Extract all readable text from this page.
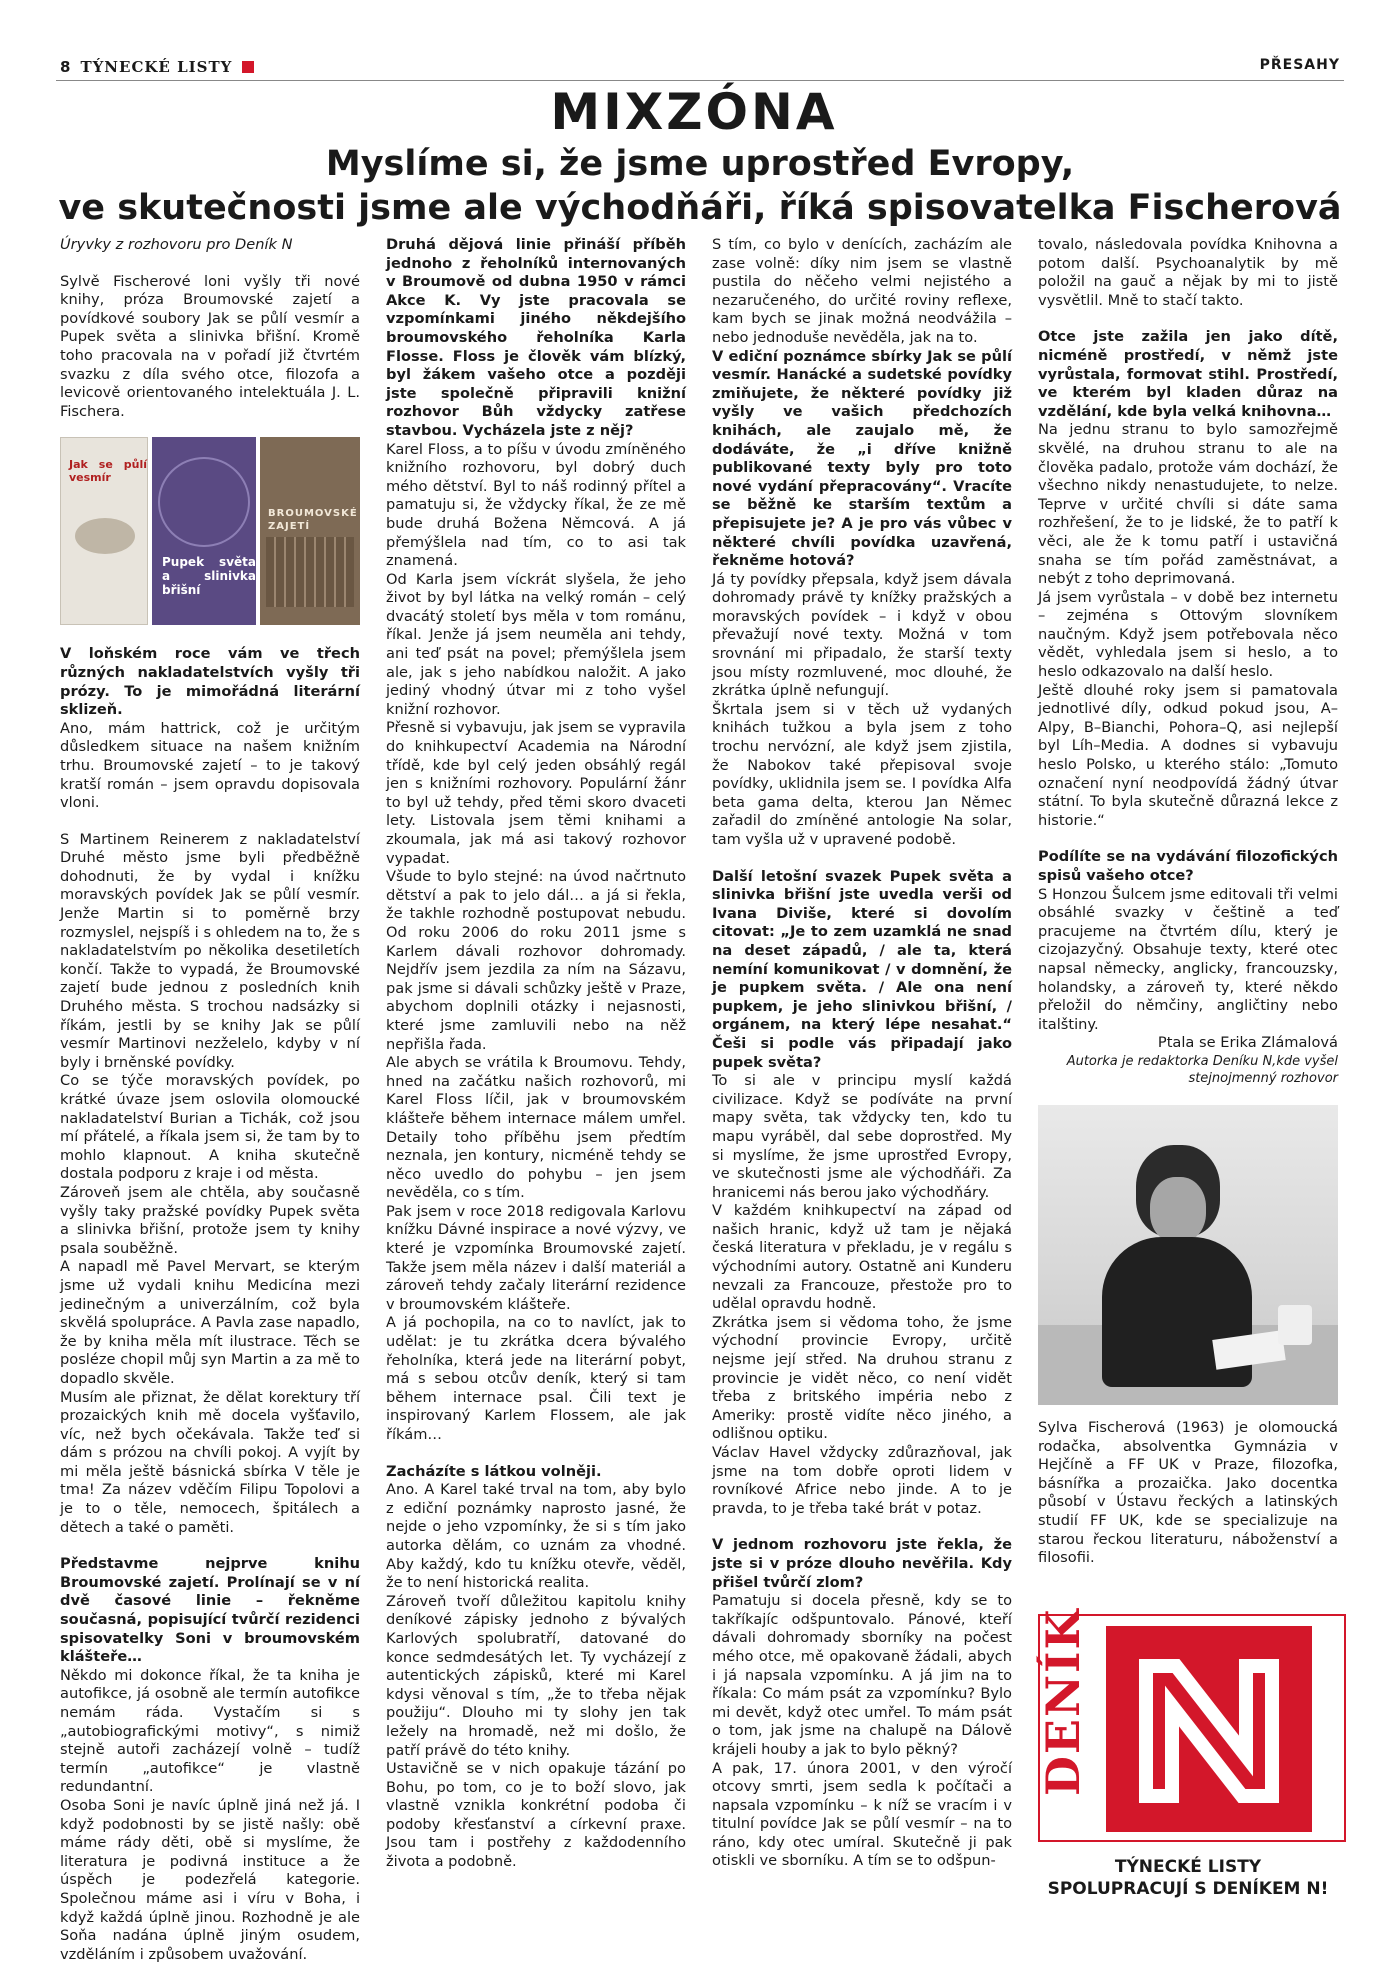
8 TÝNECKÉ LISTY	PŘESAHY
MIXZÓNA
Myslíme si, že jsme uprostřed Evropy,
ve skutečnosti jsme ale východňáři, říká spisovatelka Fischerová

Úryvky z rozhovoru pro Deník N

Sylvě Fischerové loni vyšly tři nové knihy, próza Broumovské zajetí a povídkové soubory Jak se půlí vesmír a Pupek světa a slinivka břišní. Kromě toho pracovala na v pořadí již čtvrtém svazku z díla svého otce, filozofa a levicově orientovaného intelektuála J. L. Fischera.

Jak se půlí vesmír
Pupek světa a slinivka břišní
BROUMOVSKÉ ZAJETÍ

V loňském roce vám ve třech různých nakladatelstvích vyšly tři prózy. To je mimořádná literární sklizeň.

Ano, mám hattrick, což je určitým důsledkem situace na našem knižním trhu. Broumovské zajetí – to je takový kratší román – jsem opravdu dopisovala vloni.

S Martinem Reinerem z nakladatelství Druhé město jsme byli předběžně dohodnuti, že by vydal i knížku moravských povídek Jak se půlí vesmír. Jenže Martin si to poměrně brzy rozmyslel, nejspíš i s ohledem na to, že s nakladatelstvím po několika desetiletích končí. Takže to vypadá, že Broumovské zajetí bude jednou z posledních knih Druhého města. S trochou nadsázky si říkám, jestli by se knihy Jak se půlí vesmír Martinovi nezželelo, kdyby v ní byly i brněnské povídky.

Co se týče moravských povídek, po krátké úvaze jsem oslovila olomoucké nakladatelství Burian a Tichák, což jsou mí přátelé, a říkala jsem si, že tam by to mohlo klapnout. A kniha skutečně dostala podporu z kraje i od města.

Zároveň jsem ale chtěla, aby současně vyšly taky pražské povídky Pupek světa a slinivka břišní, protože jsem ty knihy psala souběžně.

A napadl mě Pavel Mervart, se kterým jsme už vydali knihu Medicína mezi jedinečným a univerzálním, což byla skvělá spolupráce. A Pavla zase napadlo, že by kniha měla mít ilustrace. Těch se posléze chopil můj syn Martin a za mě to dopadlo skvěle.

Musím ale přiznat, že dělat korektury tří prozaických knih mě docela vyšťavilo, víc, než bych očekávala. Takže teď si dám s prózou na chvíli pokoj. A vyjít by mi měla ještě básnická sbírka V těle je tma! Za název vděčím Filipu Topolovi a je to o těle, nemocech, špitálech a dětech a také o paměti.

Představme nejprve knihu Broumovské zajetí. Prolínají se v ní dvě časové linie – řekněme současná, popisující tvůrčí rezidenci spisovatelky Soni v broumovském klášteře…

Někdo mi dokonce říkal, že ta kniha je autofikce, já osobně ale termín autofikce nemám ráda. Vystačím si s „autobiografickými motivy“, s nimiž stejně autoři zacházejí volně – tudíž termín „autofikce“ je vlastně redundantní.

Osoba Soni je navíc úplně jiná než já. I když podobnosti by se jistě našly: obě máme rády děti, obě si myslíme, že literatura je podivná instituce a že úspěch je podezřelá kategorie. Společnou máme asi i víru v Boha, i když každá úplně jinou. Rozhodně je ale Soňa nadána úplně jiným osudem, vzděláním i způsobem uvažování.

Druhá dějová linie přináší příběh jednoho z řeholníků internovaných v Broumově od dubna 1950 v rámci Akce K. Vy jste pracovala se vzpomínkami jiného někdejšího broumovského řeholníka Karla Flosse. Floss je člověk vám blízký, byl žákem vašeho otce a později jste společně připravili knižní rozhovor Bůh vždycky zatřese stavbou. Vycházela jste z něj?

Karel Floss, a to píšu v úvodu zmíněného knižního rozhovoru, byl dobrý duch mého dětství. Byl to náš rodinný přítel a pamatuju si, že vždycky říkal, že ze mě bude druhá Božena Němcová. A já přemýšlela nad tím, co to asi tak znamená.

Od Karla jsem víckrát slyšela, že jeho život by byl látka na velký román – celý dvacátý století bys měla v tom románu, říkal. Jenže já jsem neuměla ani tehdy, ani teď psát na povel; přemýšlela jsem ale, jak s jeho nabídkou naložit. A jako jediný vhodný útvar mi z toho vyšel knižní rozhovor.

Přesně si vybavuju, jak jsem se vypravila do knihkupectví Academia na Národní třídě, kde byl celý jeden obsáhlý regál jen s knižními rozhovory. Populární žánr to byl už tehdy, před těmi skoro dvaceti lety. Listovala jsem těmi knihami a zkoumala, jak má asi takový rozhovor vypadat.

Všude to bylo stejné: na úvod načrtnuto dětství a pak to jelo dál… a já si řekla, že takhle rozhodně postupovat nebudu. Od roku 2006 do roku 2011 jsme s Karlem dávali rozhovor dohromady. Nejdřív jsem jezdila za ním na Sázavu, pak jsme si dávali schůzky ještě v Praze, abychom doplnili otázky i nejasnosti, které jsme zamluvili nebo na něž nepřišla řada.

Ale abych se vrátila k Broumovu. Tehdy, hned na začátku našich rozhovorů, mi Karel Floss líčil, jak v broumovském klášteře během internace málem umřel. Detaily toho příběhu jsem předtím neznala, jen kontury, nicméně tehdy se něco uvedlo do pohybu – jen jsem nevěděla, co s tím.

Pak jsem v roce 2018 redigovala Karlovu knížku Dávné inspirace a nové výzvy, ve které je vzpomínka Broumovské zajetí. Takže jsem měla název i další materiál a zároveň tehdy začaly literární rezidence v broumovském klášteře.

A já pochopila, na co to navlíct, jak to udělat: je tu zkrátka dcera bývalého řeholníka, která jede na literární pobyt, má s sebou otcův deník, který si tam během internace psal. Čili text je inspirovaný Karlem Flossem, ale jak říkám…

Zacházíte s látkou volněji.

Ano. A Karel také trval na tom, aby bylo z ediční poznámky naprosto jasné, že nejde o jeho vzpomínky, že si s tím jako autorka dělám, co uznám za vhodné. Aby každý, kdo tu knížku otevře, věděl, že to není historická realita.

Zároveň tvoří důležitou kapitolu knihy deníkové zápisky jednoho z bývalých Karlových spolubratří, datované do konce sedmdesátých let. Ty vycházejí z autentických zápisků, které mi Karel kdysi věnoval s tím, „že to třeba nějak použiju“. Dlouho mi ty slohy jen tak ležely na hromadě, než mi došlo, že patří právě do této knihy.

Ustavičně se v nich opakuje tázání po Bohu, po tom, co je to boží slovo, jak vlastně vznikla konkrétní podoba či podoby křesťanství a církevní praxe. Jsou tam i postřehy z každodenního života a podobně.

S tím, co bylo v denících, zacházím ale zase volně: díky nim jsem se vlastně pustila do něčeho velmi nejistého a nezaručeného, do určité roviny reflexe, kam bych se jinak možná neodvážila – nebo jednoduše nevěděla, jak na to.

V ediční poznámce sbírky Jak se půlí vesmír. Hanácké a sudetské povídky zmiňujete, že některé povídky již vyšly ve vašich předchozích knihách, ale zaujalo mě, že dodáváte, že „i dříve knižně publikované texty byly pro toto nové vydání přepracovány“. Vracíte se běžně ke starším textům a přepisujete je? A je pro vás vůbec v některé chvíli povídka uzavřená, řekněme hotová?

Já ty povídky přepsala, když jsem dávala dohromady právě ty knížky pražských a moravských povídek – i když v obou převažují nové texty. Možná v tom srovnání mi připadalo, že starší texty jsou místy rozmluvené, moc dlouhé, že zkrátka úplně nefungují.

Škrtala jsem si v těch už vydaných knihách tužkou a byla jsem z toho trochu nervózní, ale když jsem zjistila, že Nabokov také přepisoval svoje povídky, uklidnila jsem se. I povídka Alfa beta gama delta, kterou Jan Němec zařadil do zmíněné antologie Na solar, tam vyšla už v upravené podobě.

Další letošní svazek Pupek světa a slinivka břišní jste uvedla verši od Ivana Diviše, které si dovolím citovat: „Je to zem uzamklá ne snad na deset západů, / ale ta, která nemíní komunikovat / v domnění, že je pupkem světa. / Ale ona není pupkem, je jeho slinivkou břišní, / orgánem, na který lépe nesahat.“ Češi si podle vás připadají jako pupek světa?

To si ale v principu myslí každá civilizace. Když se podíváte na první mapy světa, tak vždycky ten, kdo tu mapu vyráběl, dal sebe doprostřed. My si myslíme, že jsme uprostřed Evropy, ve skutečnosti jsme ale východňáři. Za hranicemi nás berou jako východňáry.

V každém knihkupectví na západ od našich hranic, když už tam je nějaká česká literatura v překladu, je v regálu s východními autory. Ostatně ani Kunderu nevzali za Francouze, přestože pro to udělal opravdu hodně.

Zkrátka jsem si vědoma toho, že jsme východní provincie Evropy, určitě nejsme její střed. Na druhou stranu z provincie je vidět něco, co není vidět třeba z britského impéria nebo z Ameriky: prostě vidíte něco jiného, a odlišnou optiku.

Václav Havel vždycky zdůrazňoval, jak jsme na tom dobře oproti lidem v rovníkové Africe nebo jinde. A to je pravda, to je třeba také brát v potaz.

V jednom rozhovoru jste řekla, že jste si v próze dlouho nevěřila. Kdy přišel tvůrčí zlom?

Pamatuju si docela přesně, kdy se to takříkajíc odšpuntovalo. Pánové, kteří dávali dohromady sborníky na počest mého otce, mě opakovaně žádali, abych i já napsala vzpomínku. A já jim na to říkala: Co mám psát za vzpomínku? Bylo mi devět, když otec umřel. To mám psát o tom, jak jsme na chalupě na Dálově krájeli houby a jak to bylo pěkný?

A pak, 17. února 2001, v den výročí otcovy smrti, jsem sedla k počítači a napsala vzpomínku – k níž se vracím i v titulní povídce Jak se půlí vesmír – na to ráno, kdy otec umíral. Skutečně ji pak otiskli ve sborníku. A tím se to odšpun-

tovalo, následovala povídka Knihovna a potom další. Psychoanalytik by mě položil na gauč a nějak by mi to jistě vysvětlil. Mně to stačí takto.

Otce jste zažila jen jako dítě, nicméně prostředí, v němž jste vyrůstala, formovat stihl. Prostředí, ve kterém byl kladen důraz na vzdělání, kde byla velká knihovna…

Na jednu stranu to bylo samozřejmě skvělé, na druhou stranu to ale na člověka padalo, protože vám dochází, že všechno nikdy nenastudujete, to nelze. Teprve v určité chvíli si dáte sama rozhřešení, že to je lidské, že to patří k věci, ale že k tomu patří i ustavičná snaha se tím pořád zaměstnávat, a nebýt z toho deprimovaná.

Já jsem vyrůstala – v době bez internetu – zejména s Ottovým slovníkem naučným. Když jsem potřebovala něco vědět, vyhledala jsem si heslo, a to heslo odkazovalo na další heslo.

Ještě dlouhé roky jsem si pamatovala jednotlivé díly, odkud pokud jsou, A–Alpy, B–Bianchi, Pohora–Q, asi nejlepší byl Líh–Media. A dodnes si vybavuju heslo Polsko, u kterého stálo: „Tomuto označení nyní neodpovídá žádný útvar státní. To byla skutečně důrazná lekce z historie.“

Podílíte se na vydávání filozofických spisů vašeho otce?

S Honzou Šulcem jsme editovali tři velmi obsáhlé svazky v češtině a teď pracujeme na čtvrtém dílu, který je cizojazyčný. Obsahuje texty, které otec napsal německy, anglicky, francouzsky, holandsky, a zároveň ty, které někdo přeložil do němčiny, angličtiny nebo italštiny.

Ptala se Erika Zlámalová

Autorka je redaktorka Deníku N,kde vyšel

stejnojmenný rozhovor

Sylva Fischerová (1963) je olomoucká rodačka, absolventka Gymnázia v Hejčíně a FF UK v Praze, filozofka, básnířka a prozaička. Jako docentka působí v Ústavu řeckých a latinských studií FF UK, kde se specializuje na starou řeckou literaturu, náboženství a filosofii.

DENÍK
TÝNECKÉ LISTY
SPOLUPRACUJÍ S DENÍKEM N!
